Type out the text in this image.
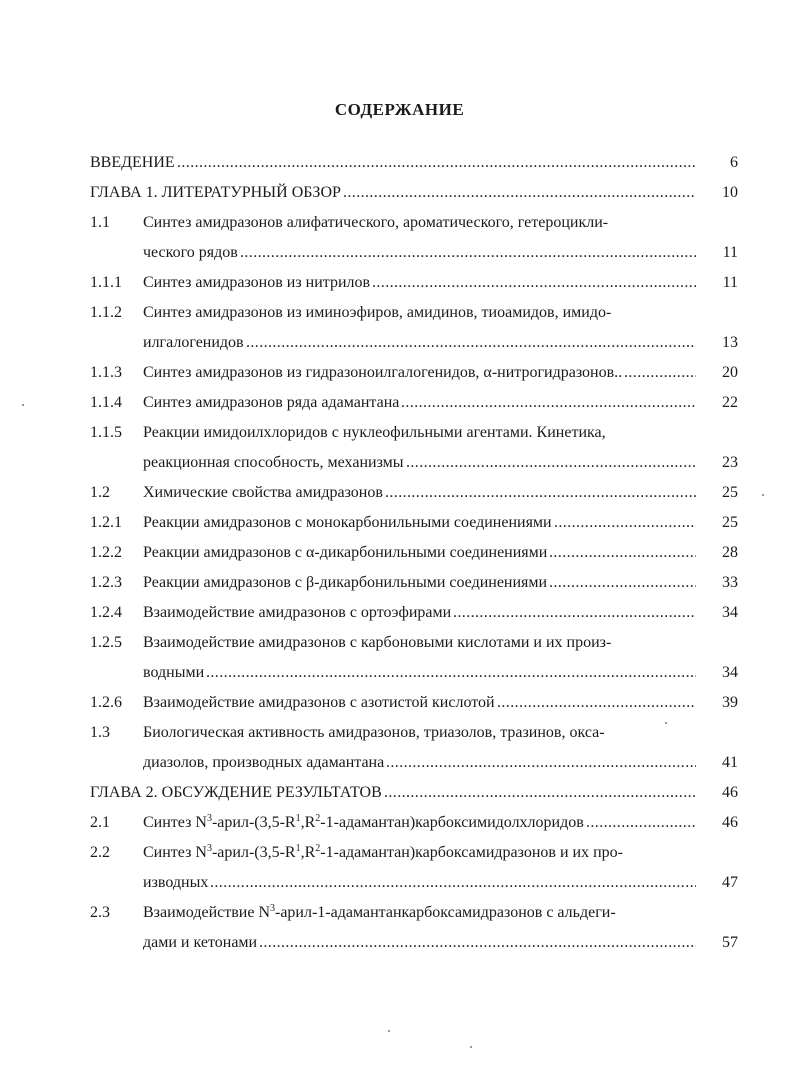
СОДЕРЖАНИЕ
ВВЕДЕНИЕ .....	6
ГЛАВА 1. ЛИТЕРАТУРНЫЙ ОБЗОР .....	10
1.1 Синтез амидразонов алифатического, ароматического, гетероцикли-
ческого рядов .....	11
1.1.1 Синтез амидразонов из нитрилов .....	11
1.1.2 Синтез амидразонов из иминоэфиров, амидинов, тиоамидов, имидо-
илгалогенидов .....	13
1.1.3 Синтез амидразонов из гидразоноилгалогенидов, α-нитрогидразонов.. .....	20
1.1.4 Синтез амидразонов ряда адамантана .....	22
1.1.5 Реакции имидоилхлоридов с нуклеофильными агентами. Кинетика,
реакционная способность, механизмы .....	23
1.2 Химические свойства амидразонов .....	25
1.2.1 Реакции амидразонов с монокарбонильными соединениями .....	25
1.2.2 Реакции амидразонов с α-дикарбонильными соединениями .....	28
1.2.3 Реакции амидразонов с β-дикарбонильными соединениями .....	33
1.2.4 Взаимодействие амидразонов с ортоэфирами .....	34
1.2.5 Взаимодействие амидразонов с карбоновыми кислотами и их произ-
водными .....	34
1.2.6 Взаимодействие амидразонов с азотистой кислотой .....	39
1.3 Биологическая активность амидразонов, триазолов, тразинов, окса-
диазолов, производных адамантана .....	41
ГЛАВА 2. ОБСУЖДЕНИЕ РЕЗУЛЬТАТОВ .....	46
2.1 Синтез $N^3-арил-(3,5-R^1,R^2-1-адамантан)карбоксимидолхлоридов$ .....	46
2.2 Синтез $N^3-арил-(3,5-R^1,R^2-1-адамантан)карбоксамидразонов$ и их про-
изводных .....	47
2.3 Взаимодействие $N^3-арил-1$-адамантанкарбоксамидразонов с альдеги-
дами и кетонами .....	57
